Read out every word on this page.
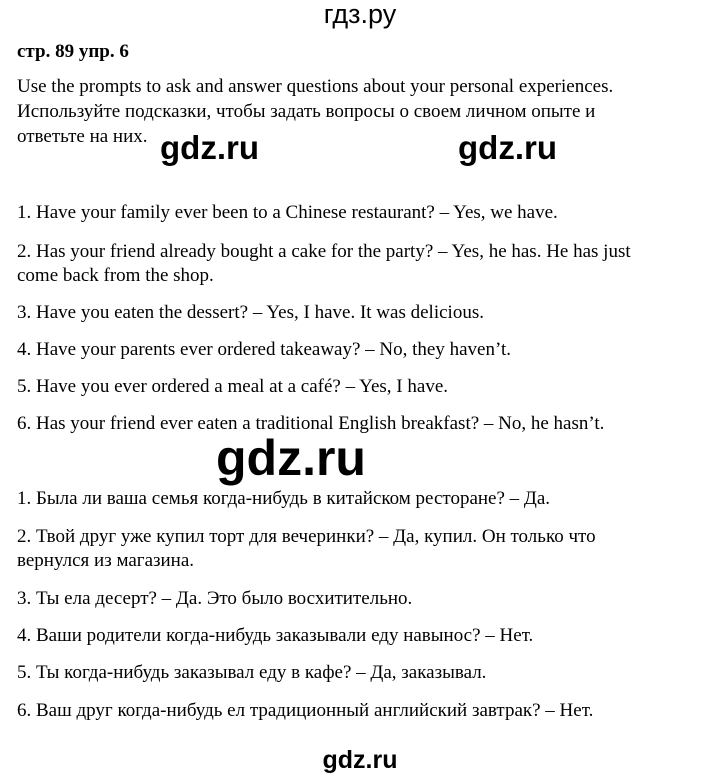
гдз.ру
стр. 89 упр. 6
Use the prompts to ask and answer questions about your personal experiences.
Используйте подсказки, чтобы задать вопросы о своем личном опыте и
ответьте на них. gdz.ru	gdz.ru
1. Have your family ever been to a Chinese restaurant? – Yes, we have.
2. Has your friend already bought a cake for the party? – Yes, he has. He has just
come back from the shop.
3. Have you eaten the dessert? – Yes, I have. It was delicious.
4. Have your parents ever ordered takeaway? – No, they haven’t.
5. Have you ever ordered a meal at a café? – Yes, I have.
6. Has your friend ever eaten a traditional English breakfast? – No, he hasn’t.
gdz.ru
1. Была ли ваша семья когда-нибудь в китайском ресторане? – Да.
2. Твой друг уже купил торт для вечеринки? – Да, купил. Он только что
вернулся из магазина.
3. Ты ела десерт? – Да. Это было восхитительно.
4. Ваши родители когда-нибудь заказывали еду навынос? – Нет.
5. Ты когда-нибудь заказывал еду в кафе? – Да, заказывал.
6. Ваш друг когда-нибудь ел традиционный английский завтрак? – Нет.
gdz.ru
